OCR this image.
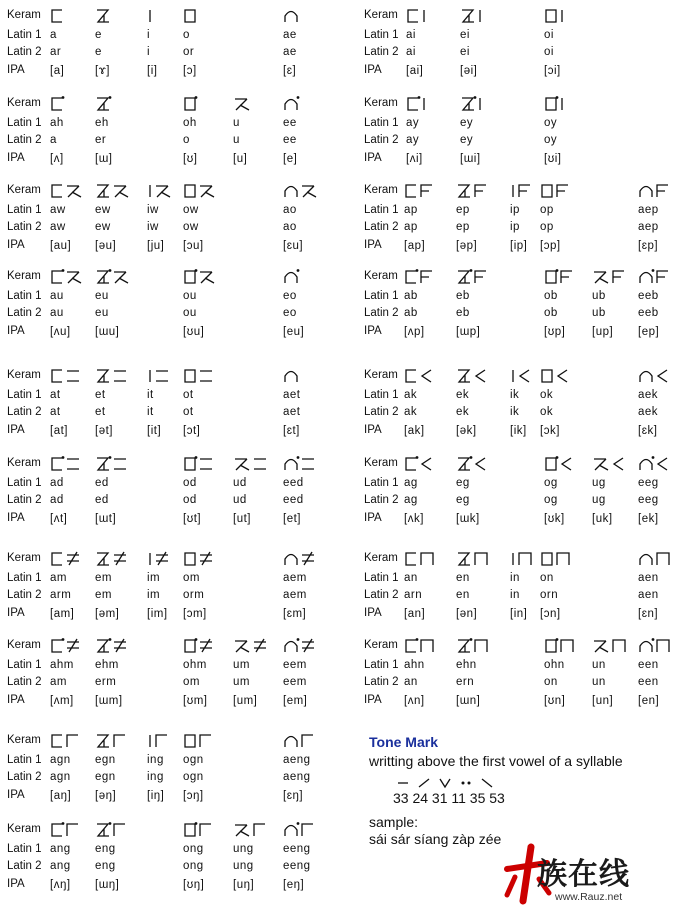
Keram
Latin 1
Latin 2
IPA
a
ar
[a]
e
e
[ɤ]
i
i
[i]
o
or
[ɔ]
ae
ae
[ɛ]
Keram
Latin 1
Latin 2
IPA
ai
ai
[ai]
ei
ei
[əi]
oi
oi
[ɔi]
Keram
Latin 1
Latin 2
IPA
ah
a
[ʌ]
eh
er
[ɯ]
oh
o
[ʊ]
u
u
[u]
ee
ee
[e]
Keram
Latin 1
Latin 2
IPA
ay
ay
[ʌi]
ey
ey
[ɯi]
oy
oy
[ʊi]
Keram
Latin 1
Latin 2
IPA
aw
aw
[au]
ew
ew
[əu]
iw
iw
[ju]
ow
ow
[ɔu]
ao
ao
[ɛu]
Keram
Latin 1
Latin 2
IPA
ap
ap
[ap]
ep
ep
[əp]
ip
ip
[ip]
op
op
[ɔp]
aep
aep
[ɛp]
Keram
Latin 1
Latin 2
IPA
au
au
[ʌu]
eu
eu
[ɯu]
ou
ou
[ʊu]
eo
eo
[eu]
Keram
Latin 1
Latin 2
IPA
ab
ab
[ʌp]
eb
eb
[ɯp]
ob
ob
[ʊp]
ub
ub
[up]
eeb
eeb
[ep]
Keram
Latin 1
Latin 2
IPA
at
at
[at]
et
et
[ət]
it
it
[it]
ot
ot
[ɔt]
aet
aet
[ɛt]
Keram
Latin 1
Latin 2
IPA
ak
ak
[ak]
ek
ek
[ək]
ik
ik
[ik]
ok
ok
[ɔk]
aek
aek
[ɛk]
Keram
Latin 1
Latin 2
IPA
ad
ad
[ʌt]
ed
ed
[ɯt]
od
od
[ʊt]
ud
ud
[ut]
eed
eed
[et]
Keram
Latin 1
Latin 2
IPA
ag
ag
[ʌk]
eg
eg
[ɯk]
og
og
[ʊk]
ug
ug
[uk]
eeg
eeg
[ek]
Keram
Latin 1
Latin 2
IPA
am
arm
[am]
em
em
[əm]
im
im
[im]
om
orm
[ɔm]
aem
aem
[ɛm]
Keram
Latin 1
Latin 2
IPA
an
arn
[an]
en
en
[ən]
in
in
[in]
on
orn
[ɔn]
aen
aen
[ɛn]
Keram
Latin 1
Latin 2
IPA
ahm
am
[ʌm]
ehm
erm
[ɯm]
ohm
om
[ʊm]
um
um
[um]
eem
eem
[em]
Keram
Latin 1
Latin 2
IPA
ahn
an
[ʌn]
ehn
ern
[ɯn]
ohn
on
[ʊn]
un
un
[un]
een
een
[en]
Keram
Latin 1
Latin 2
IPA
agn
agn
[aŋ]
egn
egn
[əŋ]
ing
ing
[iŋ]
ogn
ogn
[ɔŋ]
aeng
aeng
[ɛŋ]
Keram
Latin 1
Latin 2
IPA
ang
ang
[ʌŋ]
eng
eng
[ɯŋ]
ong
ong
[ʊŋ]
ung
ung
[uŋ]
eeng
eeng
[eŋ]
Tone Mark
writting above the first vowel of a syllable
33 24 31 11 35 53
sample:
sái sár síang zàp zée
族在线
www.Rauz.net
